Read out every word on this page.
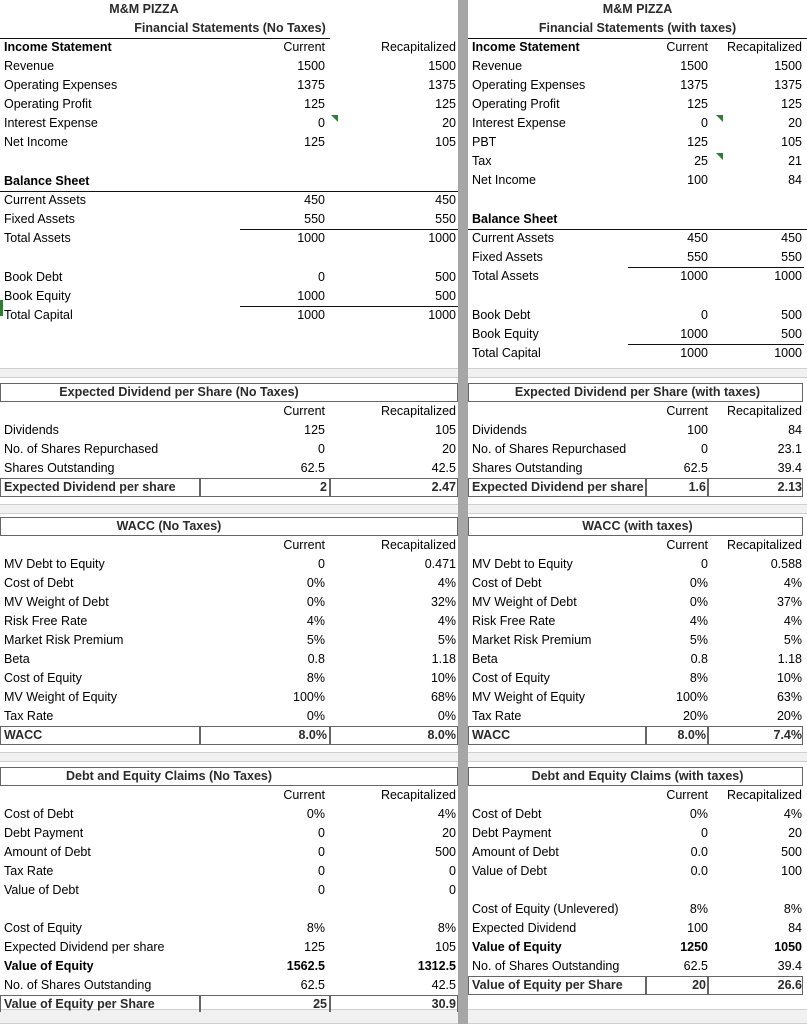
M&M PIZZA
Financial Statements (No Taxes)
Income Statement	Current	Recapitalized
Revenue	1500	1500
Operating Expenses	1375	1375
Operating Profit	125	125
Interest Expense	0	20
Net Income	125	105
Balance Sheet
Current Assets	450	450
Fixed Assets	550	550
Total Assets	1000	1000
Book Debt	0	500
Book Equity	1000	500
Total Capital	1000	1000
M&M PIZZA
Financial Statements (with taxes)
Income Statement	Current	Recapitalized
Revenue	1500	1500
Operating Expenses	1375	1375
Operating Profit	125	125
Interest Expense	0	20
PBT	125	105
Tax	25	21
Net Income	100	84
Balance Sheet
Current Assets	450	450
Fixed Assets	550	550
Total Assets	1000	1000
Book Debt	0	500
Book Equity	1000	500
Total Capital	1000	1000
Expected Dividend per Share (No Taxes)
Current	Recapitalized
Dividends	125	105
No. of Shares Repurchased	0	20
Shares Outstanding	62.5	42.5
Expected Dividend per share	2	2.47
Expected Dividend per Share (with taxes)
Current	Recapitalized
Dividends	100	84
No. of Shares Repurchased	0	23.1
Shares Outstanding	62.5	39.4
Expected Dividend per share	1.6	2.13
WACC (No Taxes)
Current	Recapitalized
MV Debt to Equity	0	0.471
Cost of Debt	0%	4%
MV Weight of Debt	0%	32%
Risk Free Rate	4%	4%
Market Risk Premium	5%	5%
Beta	0.8	1.18
Cost of Equity	8%	10%
MV Weight of Equity	100%	68%
Tax Rate	0%	0%
WACC	8.0%	8.0%
WACC (with taxes)
Current	Recapitalized
MV Debt to Equity	0	0.588
Cost of Debt	0%	4%
MV Weight of Debt	0%	37%
Risk Free Rate	4%	4%
Market Risk Premium	5%	5%
Beta	0.8	1.18
Cost of Equity	8%	10%
MV Weight of Equity	100%	63%
Tax Rate	20%	20%
WACC	8.0%	7.4%
Debt and Equity Claims (No Taxes)
Current	Recapitalized
Cost of Debt	0%	4%
Debt Payment	0	20
Amount of Debt	0	500
Tax Rate	0	0
Value of Debt	0	0
Cost of Equity	8%	8%
Expected Dividend per share	125	105
Value of Equity	1562.5	1312.5
No. of Shares Outstanding	62.5	42.5
Value of Equity per Share	25	30.9
Debt and Equity Claims (with taxes)
Current	Recapitalized
Cost of Debt	0%	4%
Debt Payment	0	20
Amount of Debt	0.0	500
Value of Debt	0.0	100
Cost of Equity (Unlevered)	8%	8%
Expected Dividend	100	84
Value of Equity	1250	1050
No. of Shares Outstanding	62.5	39.4
Value of Equity per Share	20	26.6
